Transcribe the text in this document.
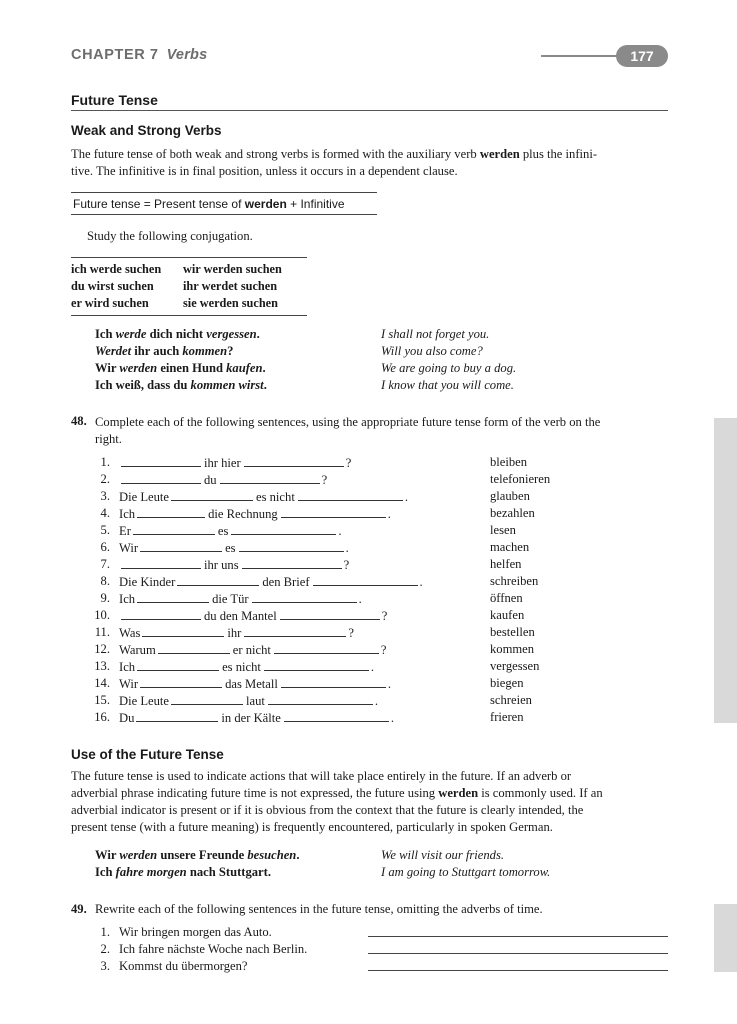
CHAPTER 7 Verbs	177
Future Tense
Weak and Strong Verbs
The future tense of both weak and strong verbs is formed with the auxiliary verb werden plus the infini-
tive. The infinitive is in final position, unless it occurs in a dependent clause.
Future tense = Present tense of werden + Infinitive
Study the following conjugation.
ich werde suchen wir werden suchen
du wirst suchen ihr werdet suchen
er wird suchen	sie werden suchen
Ich werde dich nicht vergessen.	I shall not forget you.
Werdet ihr auch kommen?	Will you also come?
Wir werden einen Hund kaufen.	We are going to buy a dog.
Ich weiß, dass du kommen wirst.	I know that you will come.
48. Complete each of the following sentences, using the appropriate future tense form of the verb on the
right.
1.	ihr hier	?	bleiben
2.	du	?	telefonieren
3. Die Leute	es nicht	.	glauben
4. Ich	die Rechnung	.	bezahlen
5. Er	es	.	lesen
6. Wir	es	.	machen
7.	ihr uns	?	helfen
8. Die Kinder	den Brief	.	schreiben
9. Ich	die Tür	.	öffnen
10.	du den Mantel	?	kaufen
11. Was	ihr	?	bestellen
12. Warum	er nicht	?	kommen
13. Ich	es nicht	.	vergessen
14. Wir	das Metall	.	biegen
15. Die Leute	laut	.	schreien
16. Du	in der Kälte	.	frieren
Use of the Future Tense
The future tense is used to indicate actions that will take place entirely in the future. If an adverb or
adverbial phrase indicating future time is not expressed, the future using werden is commonly used. If an
adverbial indicator is present or if it is obvious from the context that the future is clearly intended, the
present tense (with a future meaning) is frequently encountered, particularly in spoken German.
Wir werden unsere Freunde besuchen.	We will visit our friends.
Ich fahre morgen nach Stuttgart.	I am going to Stuttgart tomorrow.
49. Rewrite each of the following sentences in the future tense, omitting the adverbs of time.
1. Wir bringen morgen das Auto.
2. Ich fahre nächste Woche nach Berlin.
3. Kommst du übermorgen?
